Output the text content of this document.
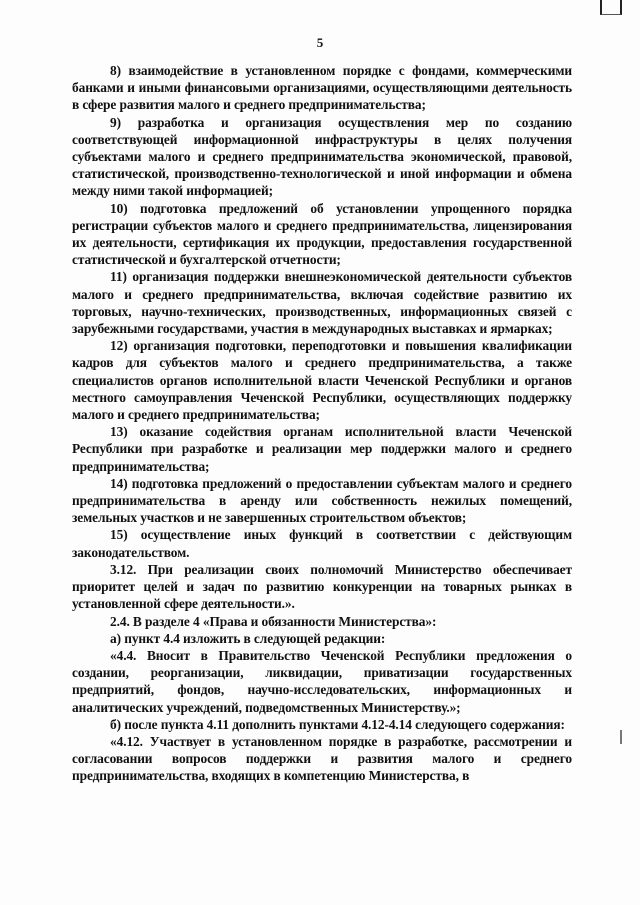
5

8) взаимодействие в установленном порядке с фондами, коммерческими банками и иными финансовыми организациями, осуществляющими деятельность в сфере развития малого и среднего предпринимательства;

9) разработка и организация осуществления мер по созданию соответствующей информационной инфраструктуры в целях получения субъектами малого и среднего предпринимательства экономической, правовой, статистической, производственно-технологической и иной информации и обмена между ними такой информацией;

10) подготовка предложений об установлении упрощенного порядка регистрации субъектов малого и среднего предпринимательства, лицензирования их деятельности, сертификация их продукции, предоставления государственной статистической и бухгалтерской отчетности;

11) организация поддержки внешнеэкономической деятельности субъектов малого и среднего предпринимательства, включая содействие развитию их торговых, научно-технических, производственных, информационных связей с зарубежными государствами, участия в международных выставках и ярмарках;

12) организация подготовки, переподготовки и повышения квалификации кадров для субъектов малого и среднего предпринимательства, а также специалистов органов исполнительной власти Чеченской Республики и органов местного самоуправления Чеченской Республики, осуществляющих поддержку малого и среднего предпринимательства;

13) оказание содействия органам исполнительной власти Чеченской Республики при разработке и реализации мер поддержки малого и среднего предпринимательства;

14) подготовка предложений о предоставлении субъектам малого и среднего предпринимательства в аренду или собственность нежилых помещений, земельных участков и не завершенных строительством объектов;

15) осуществление иных функций в соответствии с действующим законодательством.

3.12. При реализации своих полномочий Министерство обеспечивает приоритет целей и задач по развитию конкуренции на товарных рынках в установленной сфере деятельности.».

2.4. В разделе 4 «Права и обязанности Министерства»:

а) пункт 4.4 изложить в следующей редакции:

«4.4. Вносит в Правительство Чеченской Республики предложения о создании, реорганизации, ликвидации, приватизации государственных предприятий, фондов, научно-исследовательских, информационных и аналитических учреждений, подведомственных Министерству.»;

б) после пункта 4.11 дополнить пунктами 4.12-4.14 следующего содержания:

«4.12. Участвует в установленном порядке в разработке, рассмотрении и согласовании вопросов поддержки и развития малого и среднего предпринимательства, входящих в компетенцию Министерства, в
